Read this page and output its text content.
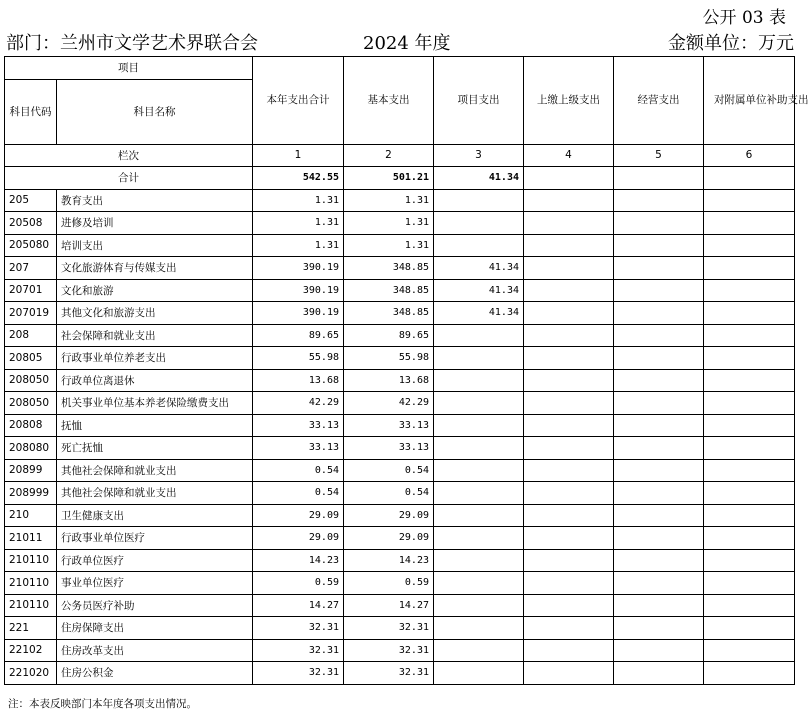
公开 03 表
部门：兰州市文学艺术界联合会	2024 年度	金额单位：万元
项目		本年支出合计	基本支出	项目支出	上缴上级支出	经营支出	对附属单位补助支出
科目代码	科目名称						

栏次		1	2	3	4	5	6
合计		542.55	501.21	41.34			
205	教育支出	1.31	1.31				
20508	进修及培训	1.31	1.31				
205080	培训支出	1.31	1.31				
207	文化旅游体育与传媒支出	390.19	348.85	41.34			
20701	文化和旅游	390.19	348.85	41.34			
207019	其他文化和旅游支出	390.19	348.85	41.34			
208	社会保障和就业支出	89.65	89.65				
20805	行政事业单位养老支出	55.98	55.98				
208050	行政单位离退休	13.68	13.68				
208050	机关事业单位基本养老保险缴费支出	42.29	42.29				
20808	抚恤	33.13	33.13				
208080	死亡抚恤	33.13	33.13				
20899	其他社会保障和就业支出	0.54	0.54				
208999	其他社会保障和就业支出	0.54	0.54				
210	卫生健康支出	29.09	29.09				
21011	行政事业单位医疗	29.09	29.09				
210110	行政单位医疗	14.23	14.23				
210110	事业单位医疗	0.59	0.59				
210110	公务员医疗补助	14.27	14.27				
221	住房保障支出	32.31	32.31				
22102	住房改革支出	32.31	32.31				
221020	住房公积金	32.31	32.31				
注：本表反映部门本年度各项支出情况。
